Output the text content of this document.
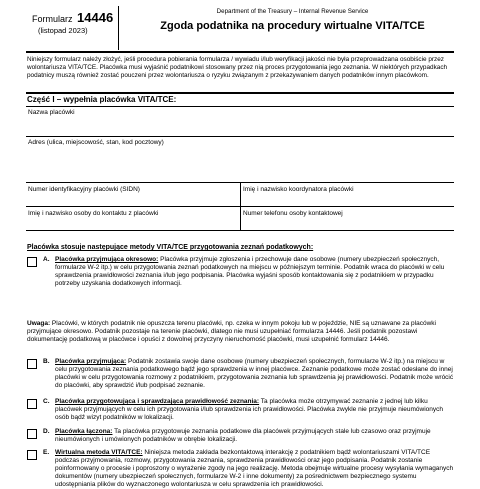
Formularz 14446
(listopad 2023)
Department of the Treasury – Internal Revenue Service
Zgoda podatnika na procedury wirtualne VITA/TCE
Niniejszy formularz należy złożyć, jeśli procedura pobierania formularza / wywiadu i/lub weryfikacji jakości nie była przeprowadzana osobiście przez wolontariusza VITA/TCE. Placówka musi wyjaśnić podatnikowi stosowany przez nią proces przygotowania jego zeznania. W niektórych przypadkach podatnicy muszą również zostać pouczeni przez wolontariusza o ryzyku związanym z przekazywaniem danych podatników innym placówkom.
Część I – wypełnia placówka VITA/TCE:
Nazwa placówki
Adres (ulica, miejscowość, stan, kod pocztowy)
Numer identyfikacyjny placówki (SIDN)	Imię i nazwisko koordynatora placówki
Imię i nazwisko osoby do kontaktu z placówki	Numer telefonu osoby kontaktowej
Placówka stosuje następujące metody VITA/TCE przygotowania zeznań podatkowych:
A. Placówka przyjmująca okresowo: Placówka przyjmuje zgłoszenia i przechowuje dane osobowe (numery ubezpieczeń społecznych, formularze W-2 itp.) w celu przygotowania zeznań podatkowych na miejscu w późniejszym terminie. Podatnik wraca do placówki w celu sprawdzenia prawidłowości zeznania i/lub jego podpisania. Placówka wyjaśni sposób kontaktowania się z podatnikiem w przypadku potrzeby uzyskania dodatkowych informacji.
Uwaga: Placówki, w których podatnik nie opuszcza terenu placówki, np. czeka w innym pokoju lub w pojeździe, NIE są uznawane za placówki przyjmujące okresowo. Podatnik pozostaje na terenie placówki, dlatego nie musi uzupełniać formularza 14446. Jeśli podatnik pozostawi dokumentację podatkową w placówce i opuści z dowolnej przyczyny nieruchomość placówki, musi uzupełnić formularz 14446.
B. Placówka przyjmująca: Podatnik zostawia swoje dane osobowe (numery ubezpieczeń społecznych, formularze W-2 itp.) na miejscu w celu przygotowania zeznania podatkowego bądź jego sprawdzenia w innej placówce. Zeznanie podatkowe może zostać odesłane do innej placówki w celu przygotowania rozmowy z podatnikiem, przygotowania zeznania lub sprawdzenia jej prawidłowości. Podatnik może wrócić do placówki, aby sprawdzić i/lub podpisać zeznanie.
C. Placówka przygotowująca i sprawdzająca prawidłowość zeznania: Ta placówka może otrzymywać zeznanie z jednej lub kilku placówek przyjmujących w celu ich przygotowania i/lub sprawdzenia ich prawidłowości. Placówka zwykle nie przyjmuje nieumówionych osób bądź wizyt podatników w lokalizacji.
D. Placówka łączona: Ta placówka przygotowuje zeznania podatkowe dla placówek przyjmujących stale lub czasowo oraz przyjmuje nieumówionych i umówionych podatników w obrębie lokalizacji.
E. Wirtualna metoda VITA/TCE: Niniejsza metoda zakłada bezkontaktową interakcję z podatnikiem bądź wolontariuszami VITA/TCE podczas przyjmowania, rozmowy, przygotowania zeznania, sprawdzenia prawidłowości oraz jego podpisania. Podatnik zostanie poinformowany o procesie i poproszony o wyrażenie zgody na jego realizację. Metoda obejmuje wirtualne procesy wysyłania wymaganych dokumentów (numery ubezpieczeń społecznych, formularze W-2 i inne dokumenty) za pośrednictwem bezpiecznego systemu udostępniania plików do wyznaczonego wolontariusza w celu sprawdzenia ich prawidłowości.
